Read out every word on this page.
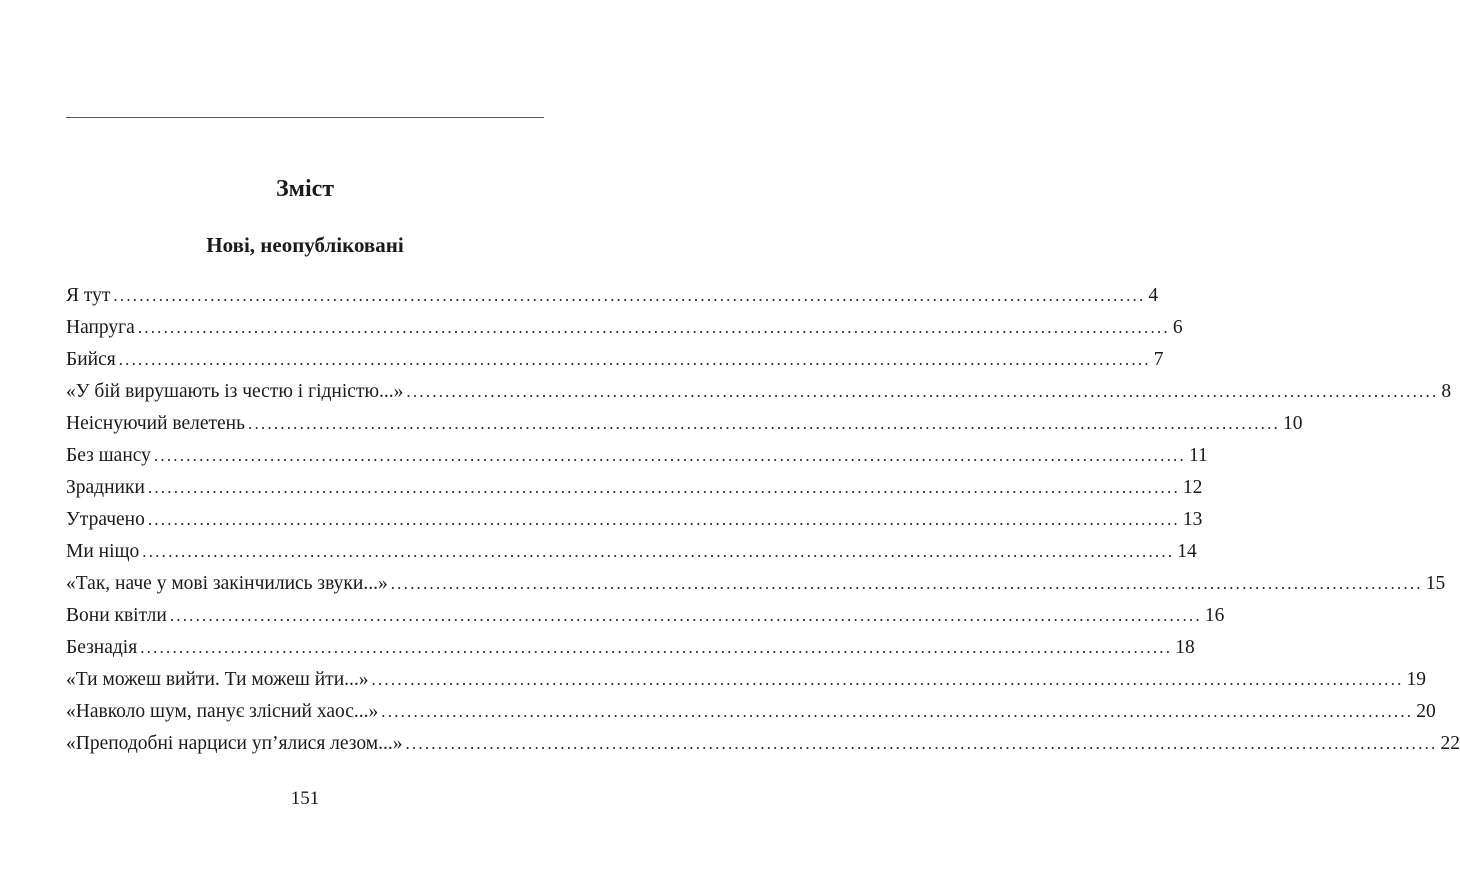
Зміст
Нові, неопубліковані
Я тут ................................................................................................................................................................ 4
Напруга ................................................................................................................................................................ 6
Бийся ................................................................................................................................................................ 7
«У бій вирушають із честю і гідністю...» ................................................................................................................................................................ 8
Неіснуючий велетень ................................................................................................................................................................ 10
Без шансу ................................................................................................................................................................ 11
Зрадники ................................................................................................................................................................ 12
Утрачено ................................................................................................................................................................ 13
Ми ніщо ................................................................................................................................................................ 14
«Так, наче у мові закінчились звуки...» ................................................................................................................................................................ 15
Вони квітли ................................................................................................................................................................ 16
Безнадія ................................................................................................................................................................ 18
«Ти можеш вийти. Ти можеш йти...» ................................................................................................................................................................ 19
«Навколо шум, панує злісний хаос...» ................................................................................................................................................................ 20
«Преподобні нарциси уп’ялися лезом...» ................................................................................................................................................................ 22
151
